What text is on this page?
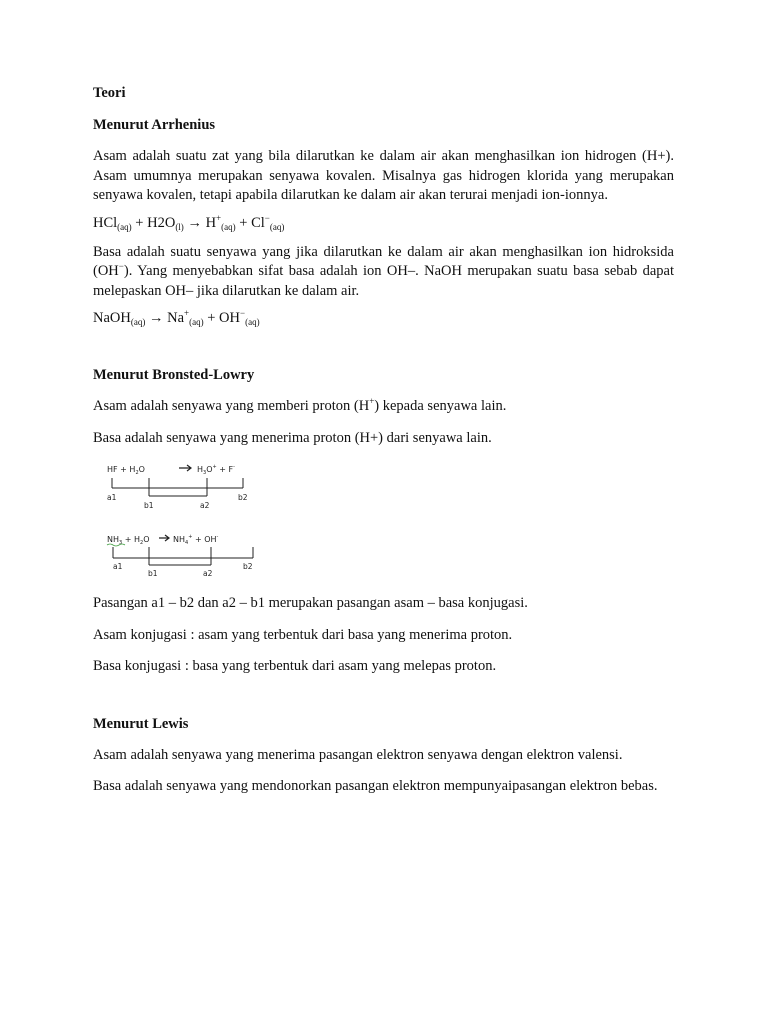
Teori

Menurut Arrhenius

Asam adalah suatu zat yang bila dilarutkan ke dalam air akan menghasilkan ion hidrogen (H+). Asam umumnya merupakan senyawa kovalen. Misalnya gas hidrogen klorida yang merupakan senyawa kovalen, tetapi apabila dilarutkan ke dalam air akan terurai menjadi ion-ionnya.

$HCl_{(aq)} + H2O_{(l)} \to H^+_{(aq)} + Cl^-_{(aq)}$

Basa adalah suatu senyawa yang jika dilarutkan ke dalam air akan menghasilkan ion hidroksida (OH−). Yang menyebabkan sifat basa adalah ion OH–. NaOH merupakan suatu basa sebab dapat melepaskan OH– jika dilarutkan ke dalam air.

NaOH$_{(aq)}$ → $Na^+_{(aq)} + OH^-_{(aq)}$

Menurut Bronsted-Lowry

Asam adalah senyawa yang memberi proton (H+) kepada senyawa lain.

Basa adalah senyawa yang menerima proton (H+) dari senyawa lain.

HF + $H_2O$	$H_3O^+ + F^-$
a1
b1	a2
b2
$NH_3 + H_2O$	$NH_4^+ + OH^-$
a1
b1	a2
b2

Pasangan a1 – b2 dan a2 – b1 merupakan pasangan asam – basa konjugasi.

Asam konjugasi : asam yang terbentuk dari basa yang menerima proton.

Basa konjugasi : basa yang terbentuk dari asam yang melepas proton.

Menurut Lewis

Asam adalah senyawa yang menerima pasangan elektron senyawa dengan elektron valensi.

Basa adalah senyawa yang mendonorkan pasangan elektron mempunyaipasangan elektron bebas.
